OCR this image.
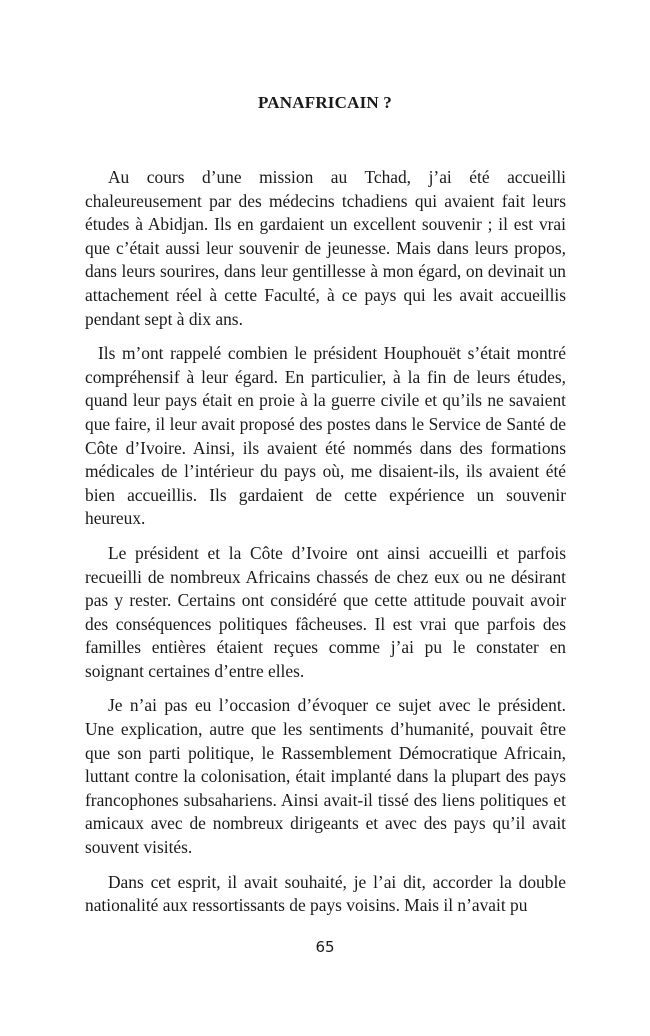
PANAFRICAIN ?

Au cours d’une mission au Tchad, j’ai été accueilli chaleureusement par des médecins tchadiens qui avaient fait leurs études à Abidjan. Ils en gardaient un excellent souvenir ; il est vrai que c’était aussi leur souvenir de jeunesse. Mais dans leurs propos, dans leurs sourires, dans leur gentillesse à mon égard, on devinait un attachement réel à cette Faculté, à ce pays qui les avait accueillis pendant sept à dix ans.

Ils m’ont rappelé combien le président Houphouët s’était montré compréhensif à leur égard. En particulier, à la fin de leurs études, quand leur pays était en proie à la guerre civile et qu’ils ne savaient que faire, il leur avait proposé des postes dans le Service de Santé de Côte d’Ivoire. Ainsi, ils avaient été nommés dans des formations médicales de l’intérieur du pays où, me disaient-ils, ils avaient été bien accueillis. Ils gardaient de cette expérience un souvenir heureux.

Le président et la Côte d’Ivoire ont ainsi accueilli et parfois recueilli de nombreux Africains chassés de chez eux ou ne désirant pas y rester. Certains ont considéré que cette attitude pouvait avoir des conséquences politiques fâcheuses. Il est vrai que parfois des familles entières étaient reçues comme j’ai pu le constater en soignant certaines d’entre elles.

Je n’ai pas eu l’occasion d’évoquer ce sujet avec le président. Une explication, autre que les sentiments d’humanité, pouvait être que son parti politique, le Rassemblement Démocratique Africain, luttant contre la colonisation, était implanté dans la plupart des pays francophones subsahariens. Ainsi avait-il tissé des liens politiques et amicaux avec de nombreux dirigeants et avec des pays qu’il avait souvent visités.

Dans cet esprit, il avait souhaité, je l’ai dit, accorder la double nationalité aux ressortissants de pays voisins. Mais il n’avait pu

65
